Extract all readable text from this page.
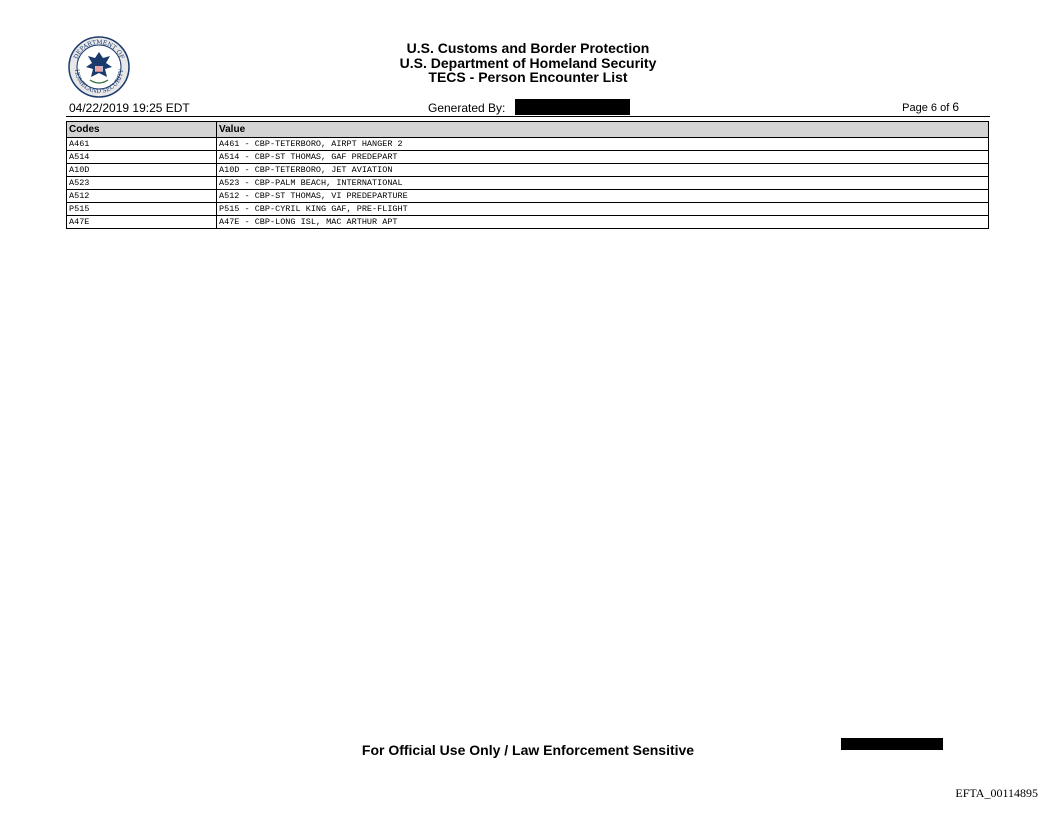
DEPARTMENT OF
HOMELAND SECURITY
U.S. Customs and Border Protection
U.S. Department of Homeland Security
TECS - Person Encounter List
04/22/2019 19:25 EDT	Generated By:	Page 6 of 6
Codes	Value
A461	A461 - CBP-TETERBORO, AIRPT HANGER 2
A514	A514 - CBP-ST THOMAS, GAF PREDEPART
A10D	A10D - CBP-TETERBORO, JET AVIATION
A523	A523 - CBP-PALM BEACH, INTERNATIONAL
A512	A512 - CBP-ST THOMAS, VI PREDEPARTURE
P515	P515 - CBP-CYRIL KING GAF, PRE-FLIGHT
A47E	A47E - CBP-LONG ISL, MAC ARTHUR APT
For Official Use Only / Law Enforcement Sensitive
EFTA_00114895
